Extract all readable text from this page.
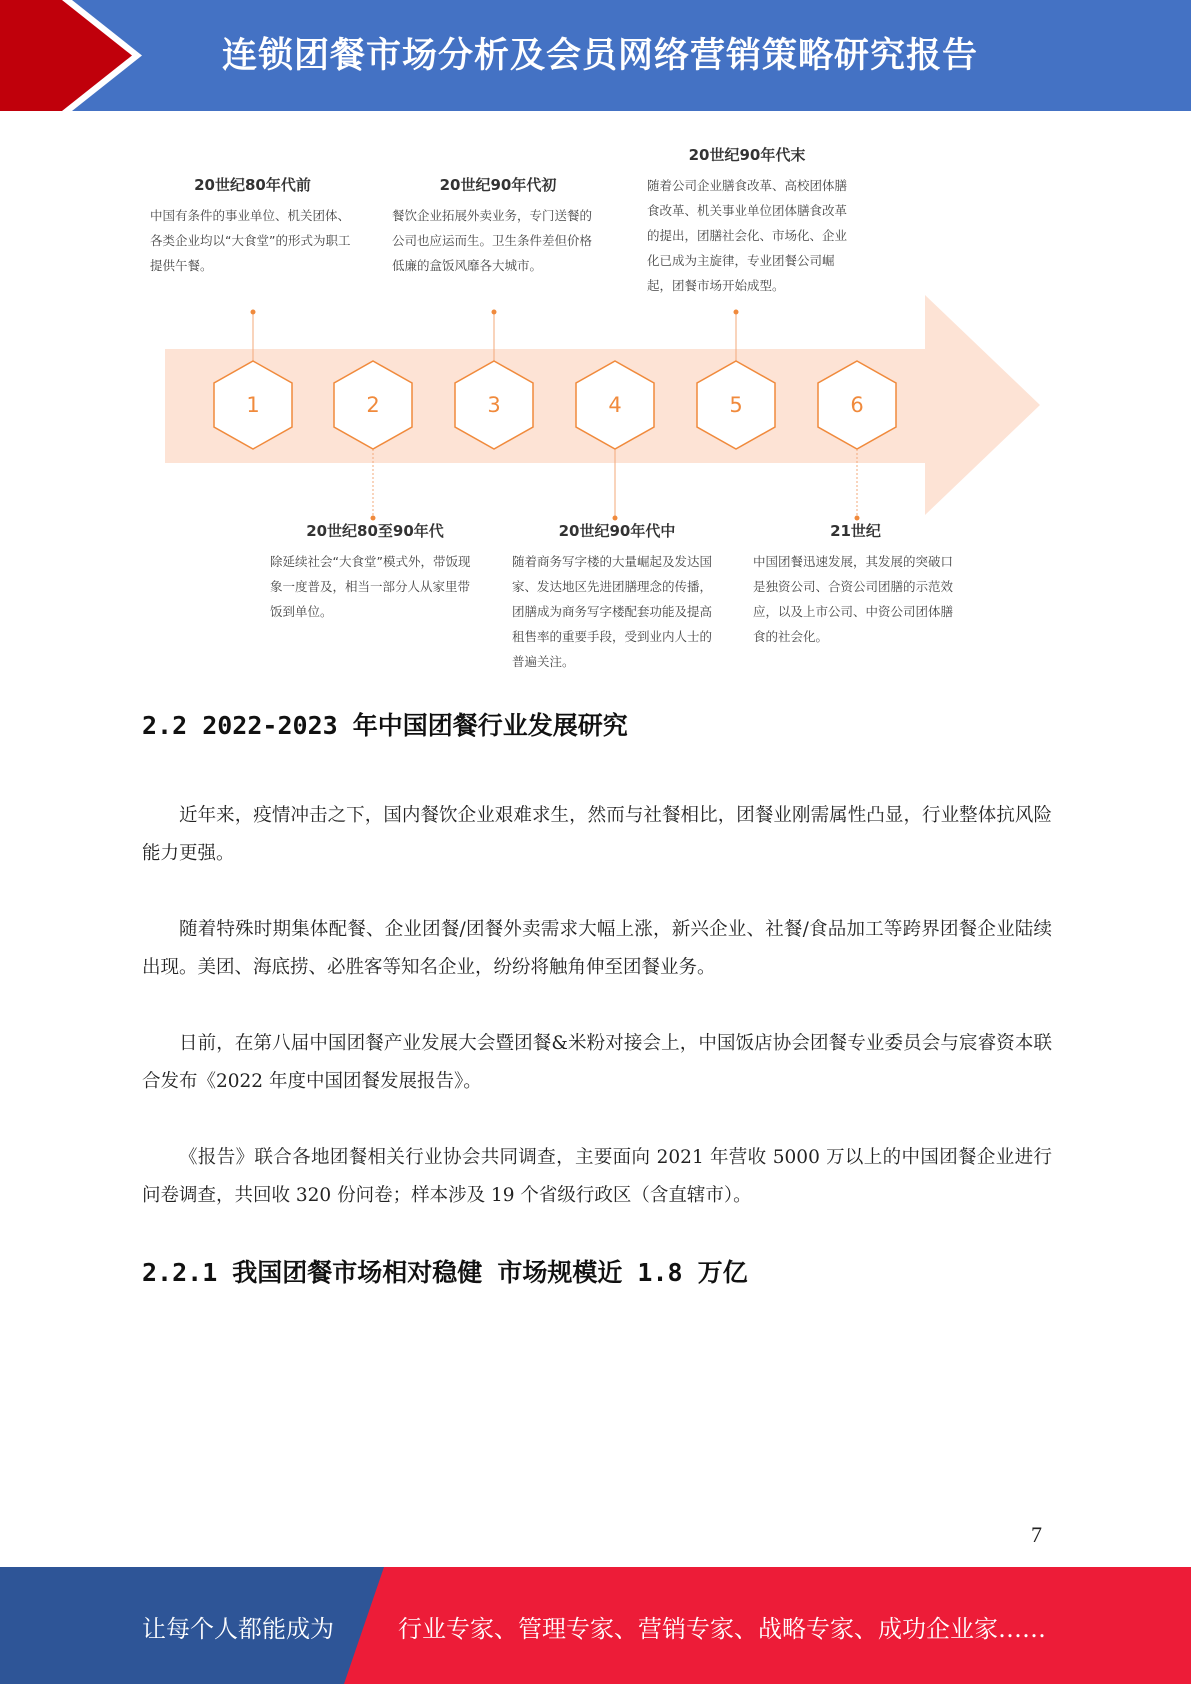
连锁团餐市场分析及会员网络营销策略研究报告
1	2	3	4	5	6
20世纪80年代前
中国有条件的事业单位、机关团体、各类企业均以“大食堂”的形式为职工提供午餐。
20世纪90年代初
餐饮企业拓展外卖业务，专门送餐的公司也应运而生。卫生条件差但价格低廉的盒饭风靡各大城市。
20世纪90年代末
随着公司企业膳食改革、高校团体膳食改革、机关事业单位团体膳食改革的提出，团膳社会化、市场化、企业化已成为主旋律，专业团餐公司崛起，团餐市场开始成型。
20世纪80至90年代
除延续社会“大食堂”模式外，带饭现象一度普及，相当一部分人从家里带饭到单位。
20世纪90年代中
随着商务写字楼的大量崛起及发达国家、发达地区先进团膳理念的传播，团膳成为商务写字楼配套功能及提高租售率的重要手段，受到业内人士的普遍关注。
21世纪
中国团餐迅速发展，其发展的突破口是独资公司、合资公司团膳的示范效应，以及上市公司、中资公司团体膳食的社会化。
2.2 2022-2023 年中国团餐行业发展研究
近年来，疫情冲击之下，国内餐饮企业艰难求生，然而与社餐相比，团餐业刚需属性凸显，行业整体抗风险能力更强。
随着特殊时期集体配餐、企业团餐/团餐外卖需求大幅上涨，新兴企业、社餐/食品加工等跨界团餐企业陆续出现。美团、海底捞、必胜客等知名企业，纷纷将触角伸至团餐业务。
日前，在第八届中国团餐产业发展大会暨团餐&米粉对接会上，中国饭店协会团餐专业委员会与宸睿资本联合发布《2022 年度中国团餐发展报告》。
《报告》联合各地团餐相关行业协会共同调查，主要面向 2021 年营收 5000 万以上的中国团餐企业进行问卷调查，共回收 320 份问卷；样本涉及 19 个省级行政区（含直辖市）。
2.2.1 我国团餐市场相对稳健 市场规模近 1.8 万亿
7
让每个人都能成为	行业专家、管理专家、营销专家、战略专家、成功企业家……
